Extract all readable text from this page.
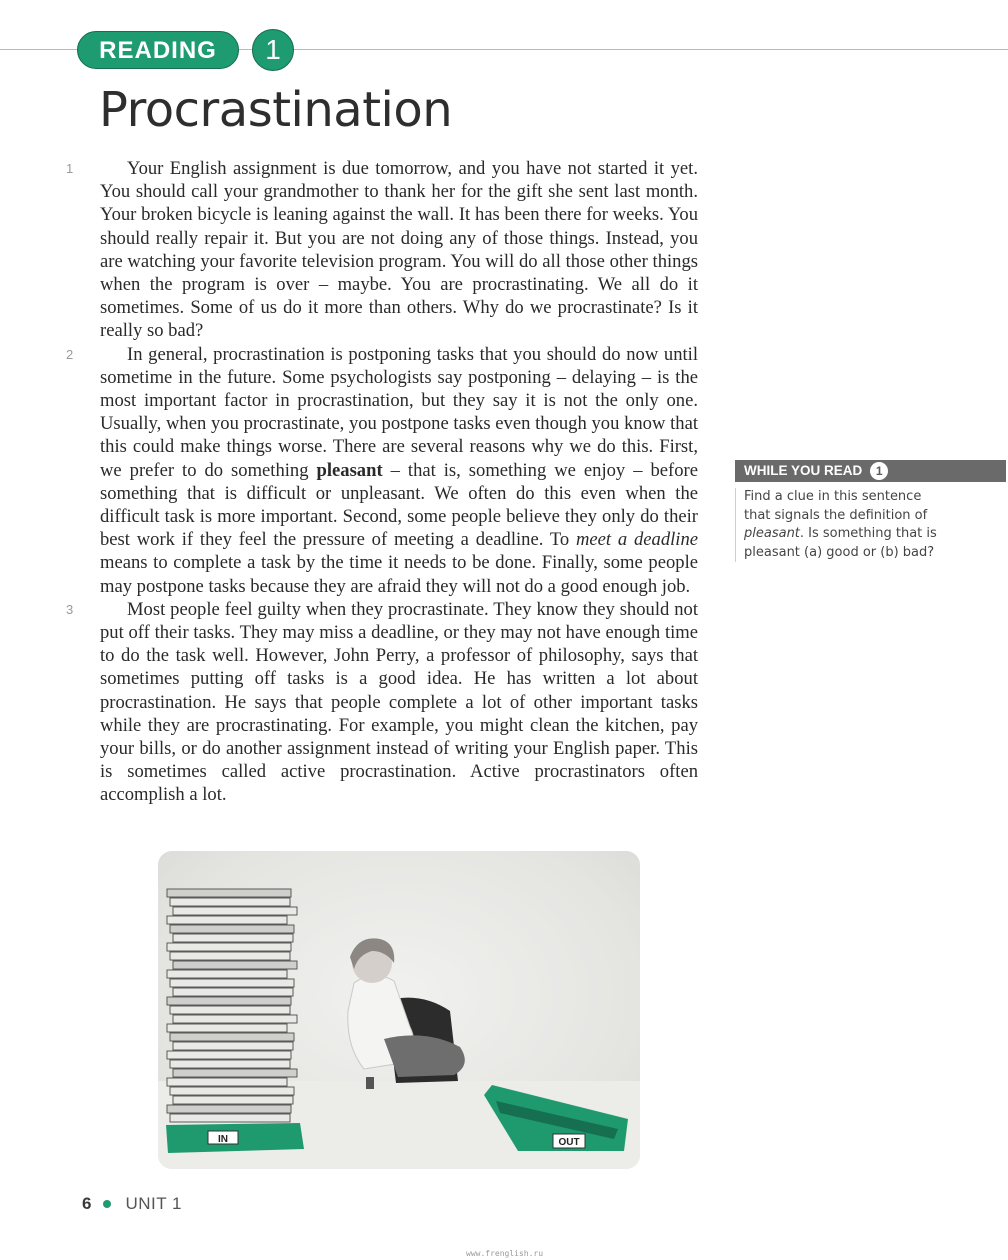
READING	1
Procrastination

1	Your English assignment is due tomorrow, and you have not started it yet. You should call your grandmother to thank her for the gift she sent last month. Your broken bicycle is leaning against the wall. It has been there for weeks. You should really repair it. But you are not doing any of those things. Instead, you are watching your favorite television program. You will do all those other things when the program is over – maybe. You are procrastinating. We all do it sometimes. Some of us do it more than others. Why do we procrastinate? Is it really so bad?

2	In general, procrastination is postponing tasks that you should do now until sometime in the future. Some psychologists say postponing – delaying – is the most important factor in procrastination, but they say it is not the only one. Usually, when you procrastinate, you postpone tasks even though you know that this could make things worse. There are several reasons why we do this. First, we prefer to do something pleasant – that is, something we enjoy – before something that is difficult or unpleasant. We often do this even when the difficult task is more important. Second, some people believe they only do their best work if they feel the pressure of meeting a deadline. To meet a deadline means to complete a task by the time it needs to be done. Finally, some people may postpone tasks because they are afraid they will not do a good enough job.

3	Most people feel guilty when they procrastinate. They know they should not put off their tasks. They may miss a deadline, or they may not have enough time to do the task well. However, John Perry, a professor of philosophy, says that sometimes putting off tasks is a good idea. He has written a lot about procrastination. He says that people complete a lot of other important tasks while they are procrastinating. For example, you might clean the kitchen, pay your bills, or do another assignment instead of writing your English paper. This is sometimes called active procrastination. Active procrastinators often accomplish a lot.

WHILE YOU READ	1
Find a clue in this sentence that signals the definition of pleasant. Is something that is pleasant (a) good or (b) bad?
IN	OUT
6 UNIT 1
www.frenglish.ru
